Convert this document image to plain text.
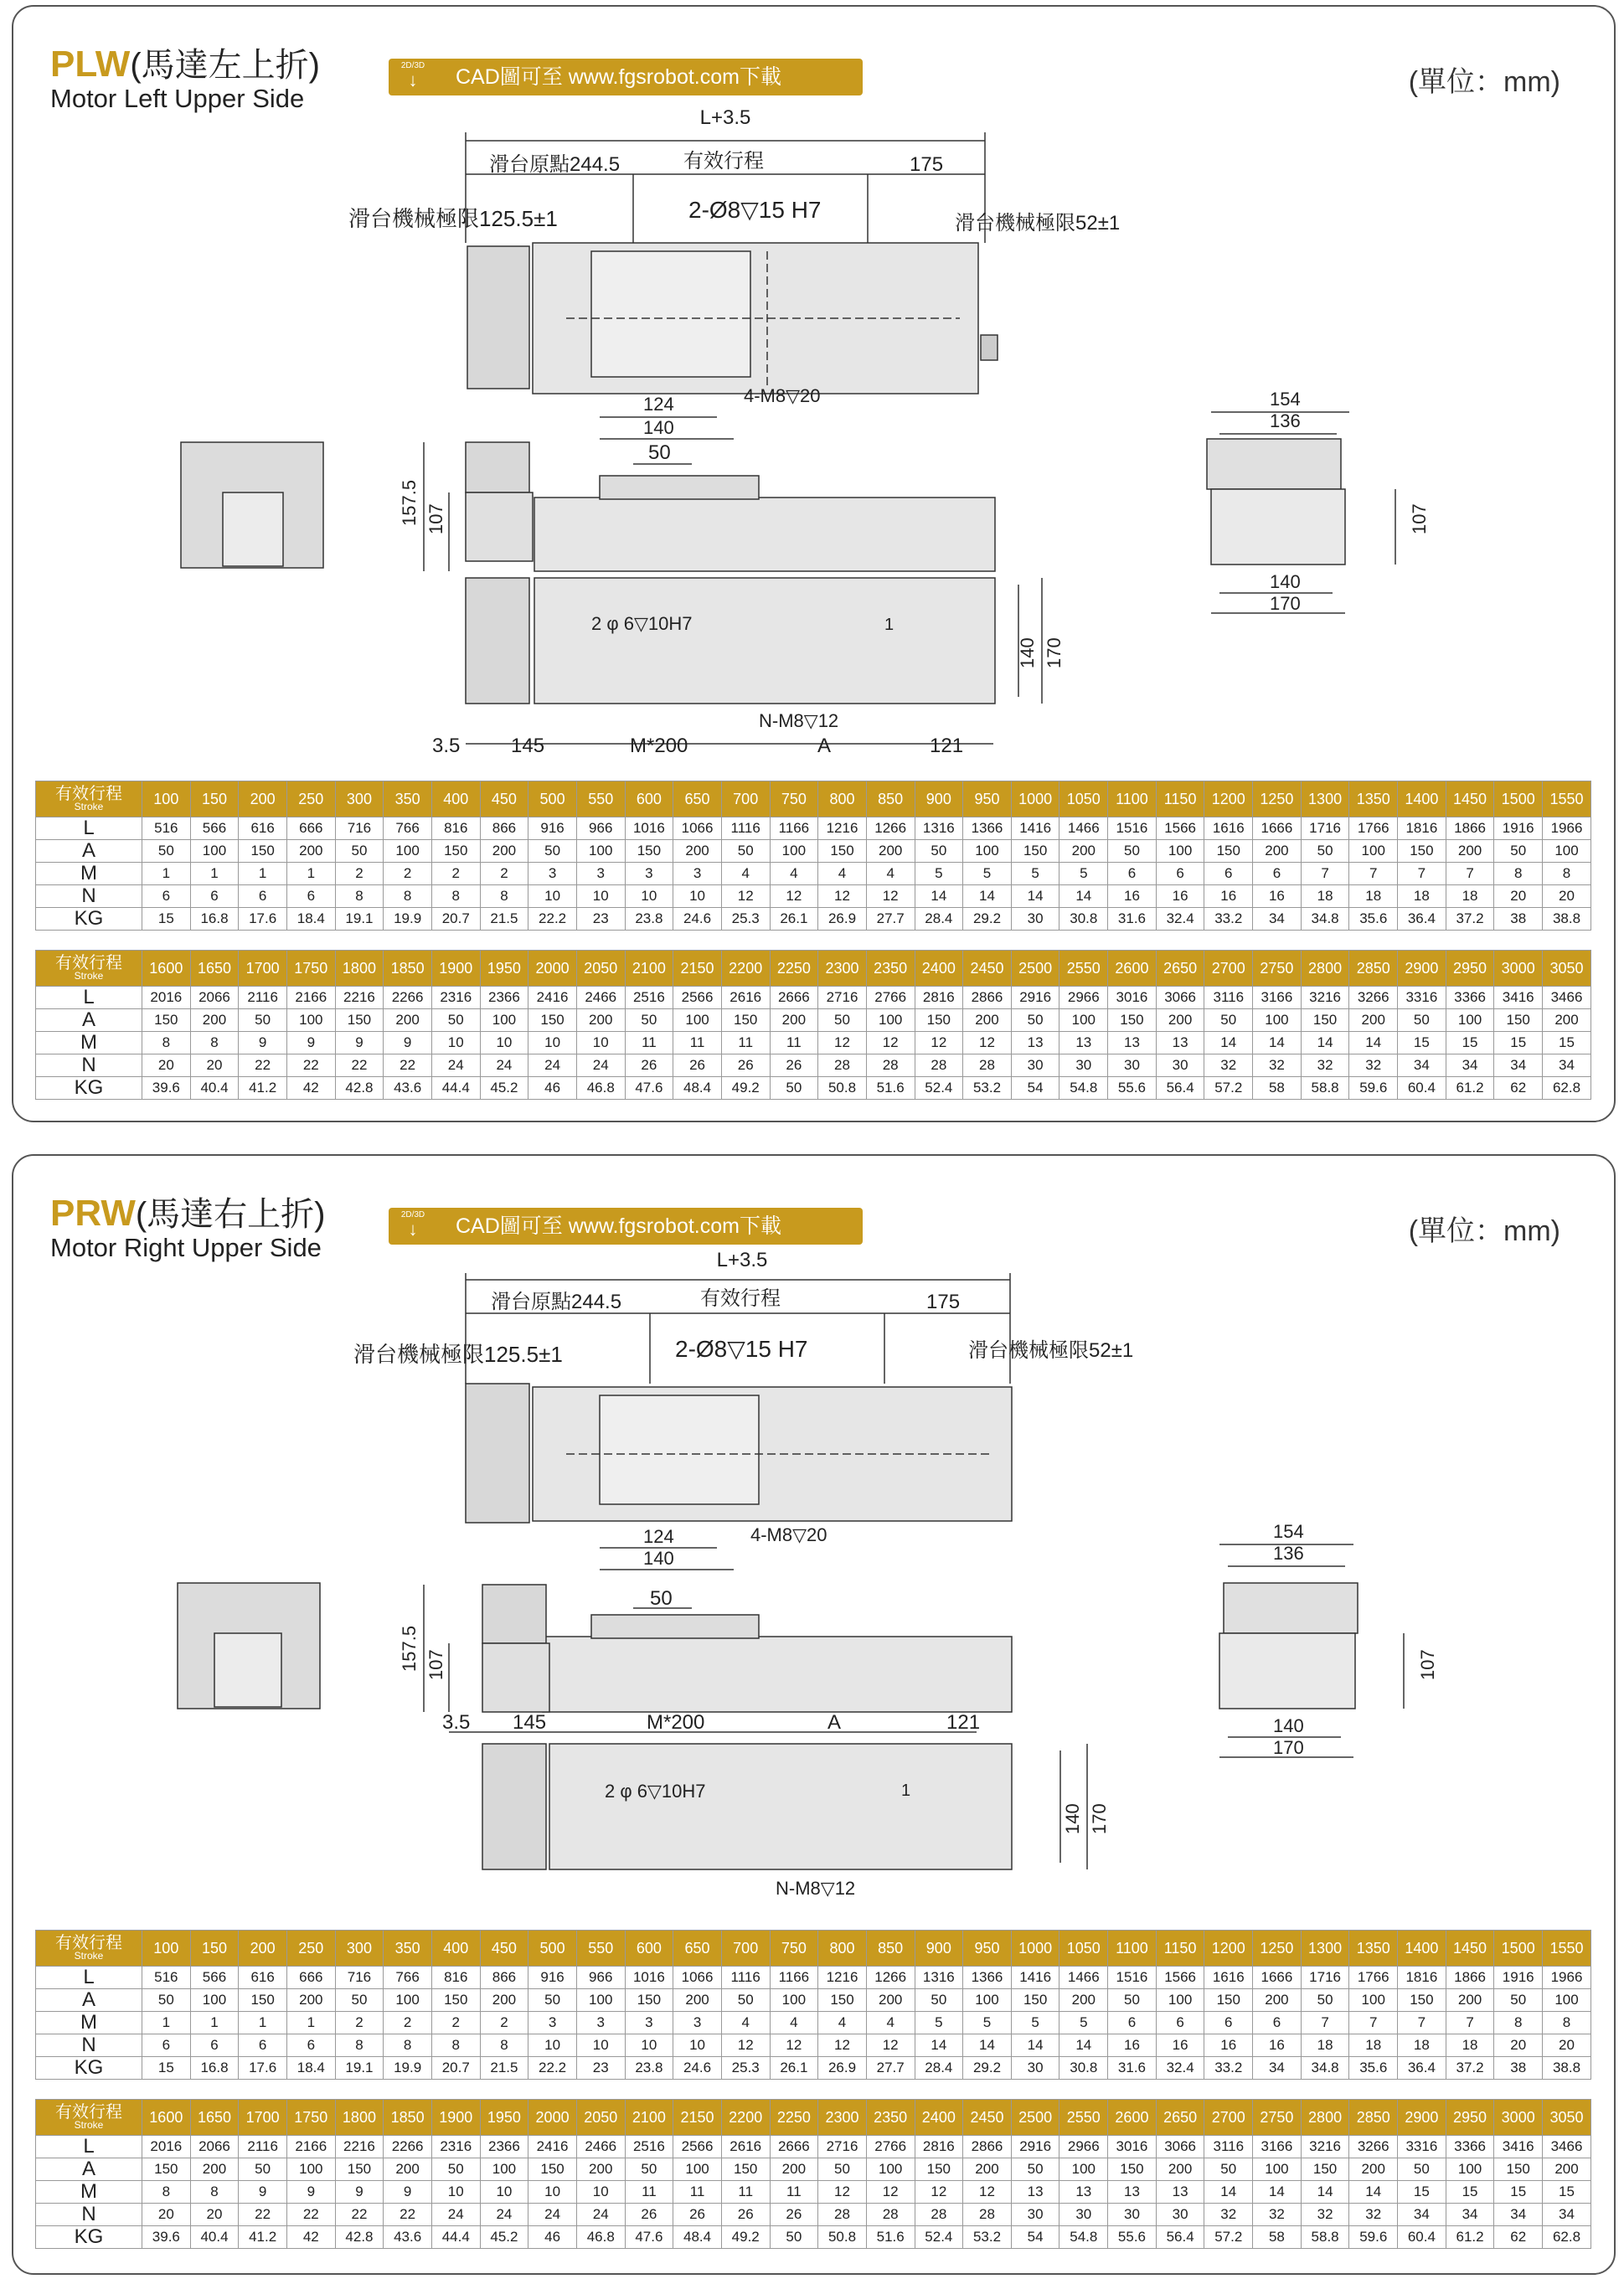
PLW(馬達左上折)
Motor Left Upper Side
2D/3D
↓	CAD圖可至 www.fgsrobot.com下載	(單位：mm)
L+3.5
滑台原點244.5	有效行程	175
滑台機械極限125.5±1	滑台機械極限52±1
2-Ø8▽15 H7
4-M8▽20
124
140
50
157.5 107
154
136
140
170
107
2 φ 6▽10H7	1
140 170
N-M8▽12
3.5	145	M*200	A	121
有效行程
Stroke	100	150	200	250	300	350	400	450	500	550	600	650	700	750	800	850	900	950	1000	1050	1100	1150	1200	1250	1300	1350	1400	1450	1500	1550
L	516	566	616	666	716	766	816	866	916	966	1016	1066	1116	1166	1216	1266	1316	1366	1416	1466	1516	1566	1616	1666	1716	1766	1816	1866	1916	1966
A	50	100	150	200	50	100	150	200	50	100	150	200	50	100	150	200	50	100	150	200	50	100	150	200	50	100	150	200	50	100
M	1	1	1	1	2	2	2	2	3	3	3	3	4	4	4	4	5	5	5	5	6	6	6	6	7	7	7	7	8	8
N	6	6	6	6	8	8	8	8	10	10	10	10	12	12	12	12	14	14	14	14	16	16	16	16	18	18	18	18	20	20
KG	15	16.8	17.6	18.4	19.1	19.9	20.7	21.5	22.2	23	23.8	24.6	25.3	26.1	26.9	27.7	28.4	29.2	30	30.8	31.6	32.4	33.2	34	34.8	35.6	36.4	37.2	38	38.8
有效行程
Stroke	1600	1650	1700	1750	1800	1850	1900	1950	2000	2050	2100	2150	2200	2250	2300	2350	2400	2450	2500	2550	2600	2650	2700	2750	2800	2850	2900	2950	3000	3050
L	2016	2066	2116	2166	2216	2266	2316	2366	2416	2466	2516	2566	2616	2666	2716	2766	2816	2866	2916	2966	3016	3066	3116	3166	3216	3266	3316	3366	3416	3466
A	150	200	50	100	150	200	50	100	150	200	50	100	150	200	50	100	150	200	50	100	150	200	50	100	150	200	50	100	150	200
M	8	8	9	9	9	9	10	10	10	10	11	11	11	11	12	12	12	12	13	13	13	13	14	14	14	14	15	15	15	15
N	20	20	22	22	22	22	24	24	24	24	26	26	26	26	28	28	28	28	30	30	30	30	32	32	32	32	34	34	34	34
KG	39.6	40.4	41.2	42	42.8	43.6	44.4	45.2	46	46.8	47.6	48.4	49.2	50	50.8	51.6	52.4	53.2	54	54.8	55.6	56.4	57.2	58	58.8	59.6	60.4	61.2	62	62.8
PRW(馬達右上折)
Motor Right Upper Side
2D/3D
↓	CAD圖可至 www.fgsrobot.com下載	(單位：mm)
L+3.5
滑台原點244.5	有效行程	175
滑台機械極限125.5±1	滑台機械極限52±1
2-Ø8▽15 H7
4-M8▽20
124
140
50
157.5 107
154
136
140
170
107
3.5 145	M*200	A	121
2 φ 6▽10H7	1
140 170
N-M8▽12
有效行程
Stroke	100	150	200	250	300	350	400	450	500	550	600	650	700	750	800	850	900	950	1000	1050	1100	1150	1200	1250	1300	1350	1400	1450	1500	1550
L	516	566	616	666	716	766	816	866	916	966	1016	1066	1116	1166	1216	1266	1316	1366	1416	1466	1516	1566	1616	1666	1716	1766	1816	1866	1916	1966
A	50	100	150	200	50	100	150	200	50	100	150	200	50	100	150	200	50	100	150	200	50	100	150	200	50	100	150	200	50	100
M	1	1	1	1	2	2	2	2	3	3	3	3	4	4	4	4	5	5	5	5	6	6	6	6	7	7	7	7	8	8
N	6	6	6	6	8	8	8	8	10	10	10	10	12	12	12	12	14	14	14	14	16	16	16	16	18	18	18	18	20	20
KG	15	16.8	17.6	18.4	19.1	19.9	20.7	21.5	22.2	23	23.8	24.6	25.3	26.1	26.9	27.7	28.4	29.2	30	30.8	31.6	32.4	33.2	34	34.8	35.6	36.4	37.2	38	38.8
有效行程
Stroke	1600	1650	1700	1750	1800	1850	1900	1950	2000	2050	2100	2150	2200	2250	2300	2350	2400	2450	2500	2550	2600	2650	2700	2750	2800	2850	2900	2950	3000	3050
L	2016	2066	2116	2166	2216	2266	2316	2366	2416	2466	2516	2566	2616	2666	2716	2766	2816	2866	2916	2966	3016	3066	3116	3166	3216	3266	3316	3366	3416	3466
A	150	200	50	100	150	200	50	100	150	200	50	100	150	200	50	100	150	200	50	100	150	200	50	100	150	200	50	100	150	200
M	8	8	9	9	9	9	10	10	10	10	11	11	11	11	12	12	12	12	13	13	13	13	14	14	14	14	15	15	15	15
N	20	20	22	22	22	22	24	24	24	24	26	26	26	26	28	28	28	28	30	30	30	30	32	32	32	32	34	34	34	34
KG	39.6	40.4	41.2	42	42.8	43.6	44.4	45.2	46	46.8	47.6	48.4	49.2	50	50.8	51.6	52.4	53.2	54	54.8	55.6	56.4	57.2	58	58.8	59.6	60.4	61.2	62	62.8
